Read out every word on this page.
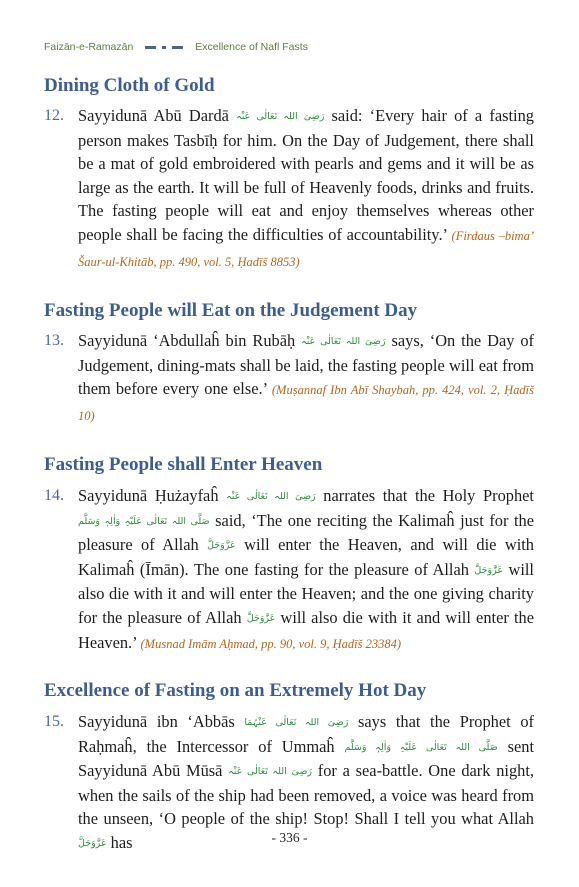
Faizān-e-Ramazān	Excellence of Nafl Fasts
Dining Cloth of Gold
12. Sayyidunā Abū Dardā رَضِیَ اللہ تَعَالٰی عَنْہ said: ‘Every hair of a fasting person makes Tasbīḥ for him. On the Day of Judgement, there shall be a mat of gold embroidered with pearls and gems and it will be as large as the earth. It will be full of Heavenly foods, drinks and fruits. The fasting people will eat and enjoy themselves whereas other people shall be facing the difficulties of accountability.’ (Firdaus –bima’ Šaur-ul-Khitāb, pp. 490, vol. 5, Ḥadīš 8853)

Fasting People will Eat on the Judgement Day
13. Sayyidunā ‘Abdullaĥ bin Rubāḥ رَضِیَ اللہ تَعَالٰی عَنْہ says, ‘On the Day of Judgement, dining-mats shall be laid, the fasting people will eat from them before every one else.’ (Muṣannaf Ibn Abī Shaybah, pp. 424, vol. 2, Ḥadīš 10)

Fasting People shall Enter Heaven
14. Sayyidunā Ḥużayfaĥ رَضِیَ اللہ تَعَالٰی عَنْہ narrates that the Holy Prophet صَلَّی اللہ تَعَالٰی عَلَیْہِ وَاٰلِہٖ وَسَلَّم said, ‘The one reciting the Kalimaĥ just for the pleasure of Allah عَزَّوَجَلَّ will enter the Heaven, and will die with Kalimaĥ (Īmān). The one fasting for the pleasure of Allah عَزَّوَجَلَّ will also die with it and will enter the Heaven; and the one giving charity for the pleasure of Allah عَزَّوَجَلَّ will also die with it and will enter the Heaven.’ (Musnad Imām Aḥmad, pp. 90, vol. 9, Ḥadīš 23384)

Excellence of Fasting on an Extremely Hot Day
15. Sayyidunā ibn ‘Abbās رَضِیَ اللہ تَعَالٰی عَنْہُمَا says that the Prophet of Raḥmaĥ, the Intercessor of Ummaĥ صَلَّی اللہ تَعَالٰی عَلَیْہِ وَاٰلِہٖ وَسَلَّم sent Sayyidunā Abū Mūsā رَضِیَ اللہ تَعَالٰی عَنْہ for a sea-battle. One dark night, when the sails of the ship had been removed, a voice was heard from the unseen, ‘O people of the ship! Stop! Shall I tell you what Allah عَزَّوَجَلَّ has	- 336 -
